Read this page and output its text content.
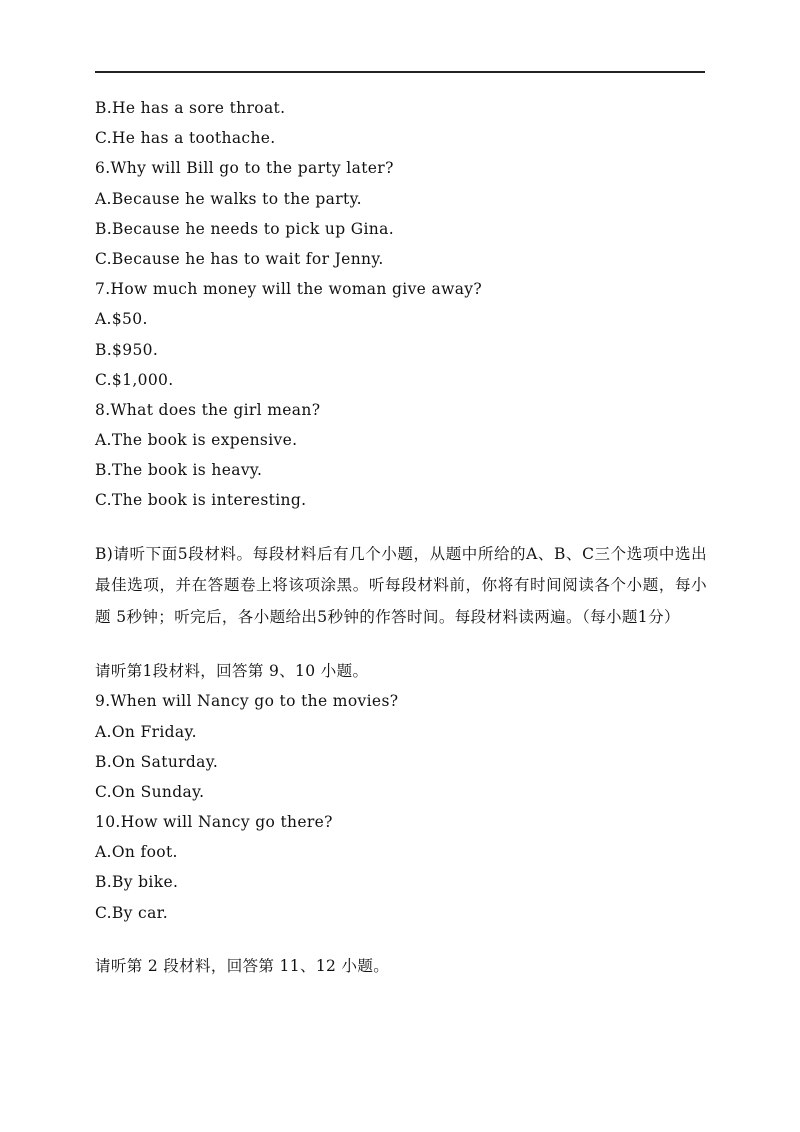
B.He has a sore throat.
C.He has a toothache.
6.Why will Bill go to the party later?
A.Because he walks to the party.
B.Because he needs to pick up Gina.
C.Because he has to wait for Jenny.
7.How much money will the woman give away?
A.$50.
B.$950.
C.$1,000.
8.What does the girl mean?
A.The book is expensive.
B.The book is heavy.
C.The book is interesting.
B)请听下面5段材料。每段材料后有几个小题，从题中所给的A、B、C三个选项中选出最佳选项，并在答题卷上将该项涂黑。听每段材料前，你将有时间阅读各个小题，每小题 5秒钟；听完后，各小题给出5秒钟的作答时间。每段材料读两遍。（每小题1分）
请听第1段材料，回答第 9、10 小题。
9.When will Nancy go to the movies?
A.On Friday.
B.On Saturday.
C.On Sunday.
10.How will Nancy go there?
A.On foot.
B.By bike.
C.By car.
请听第 2 段材料，回答第 11、12 小题。
